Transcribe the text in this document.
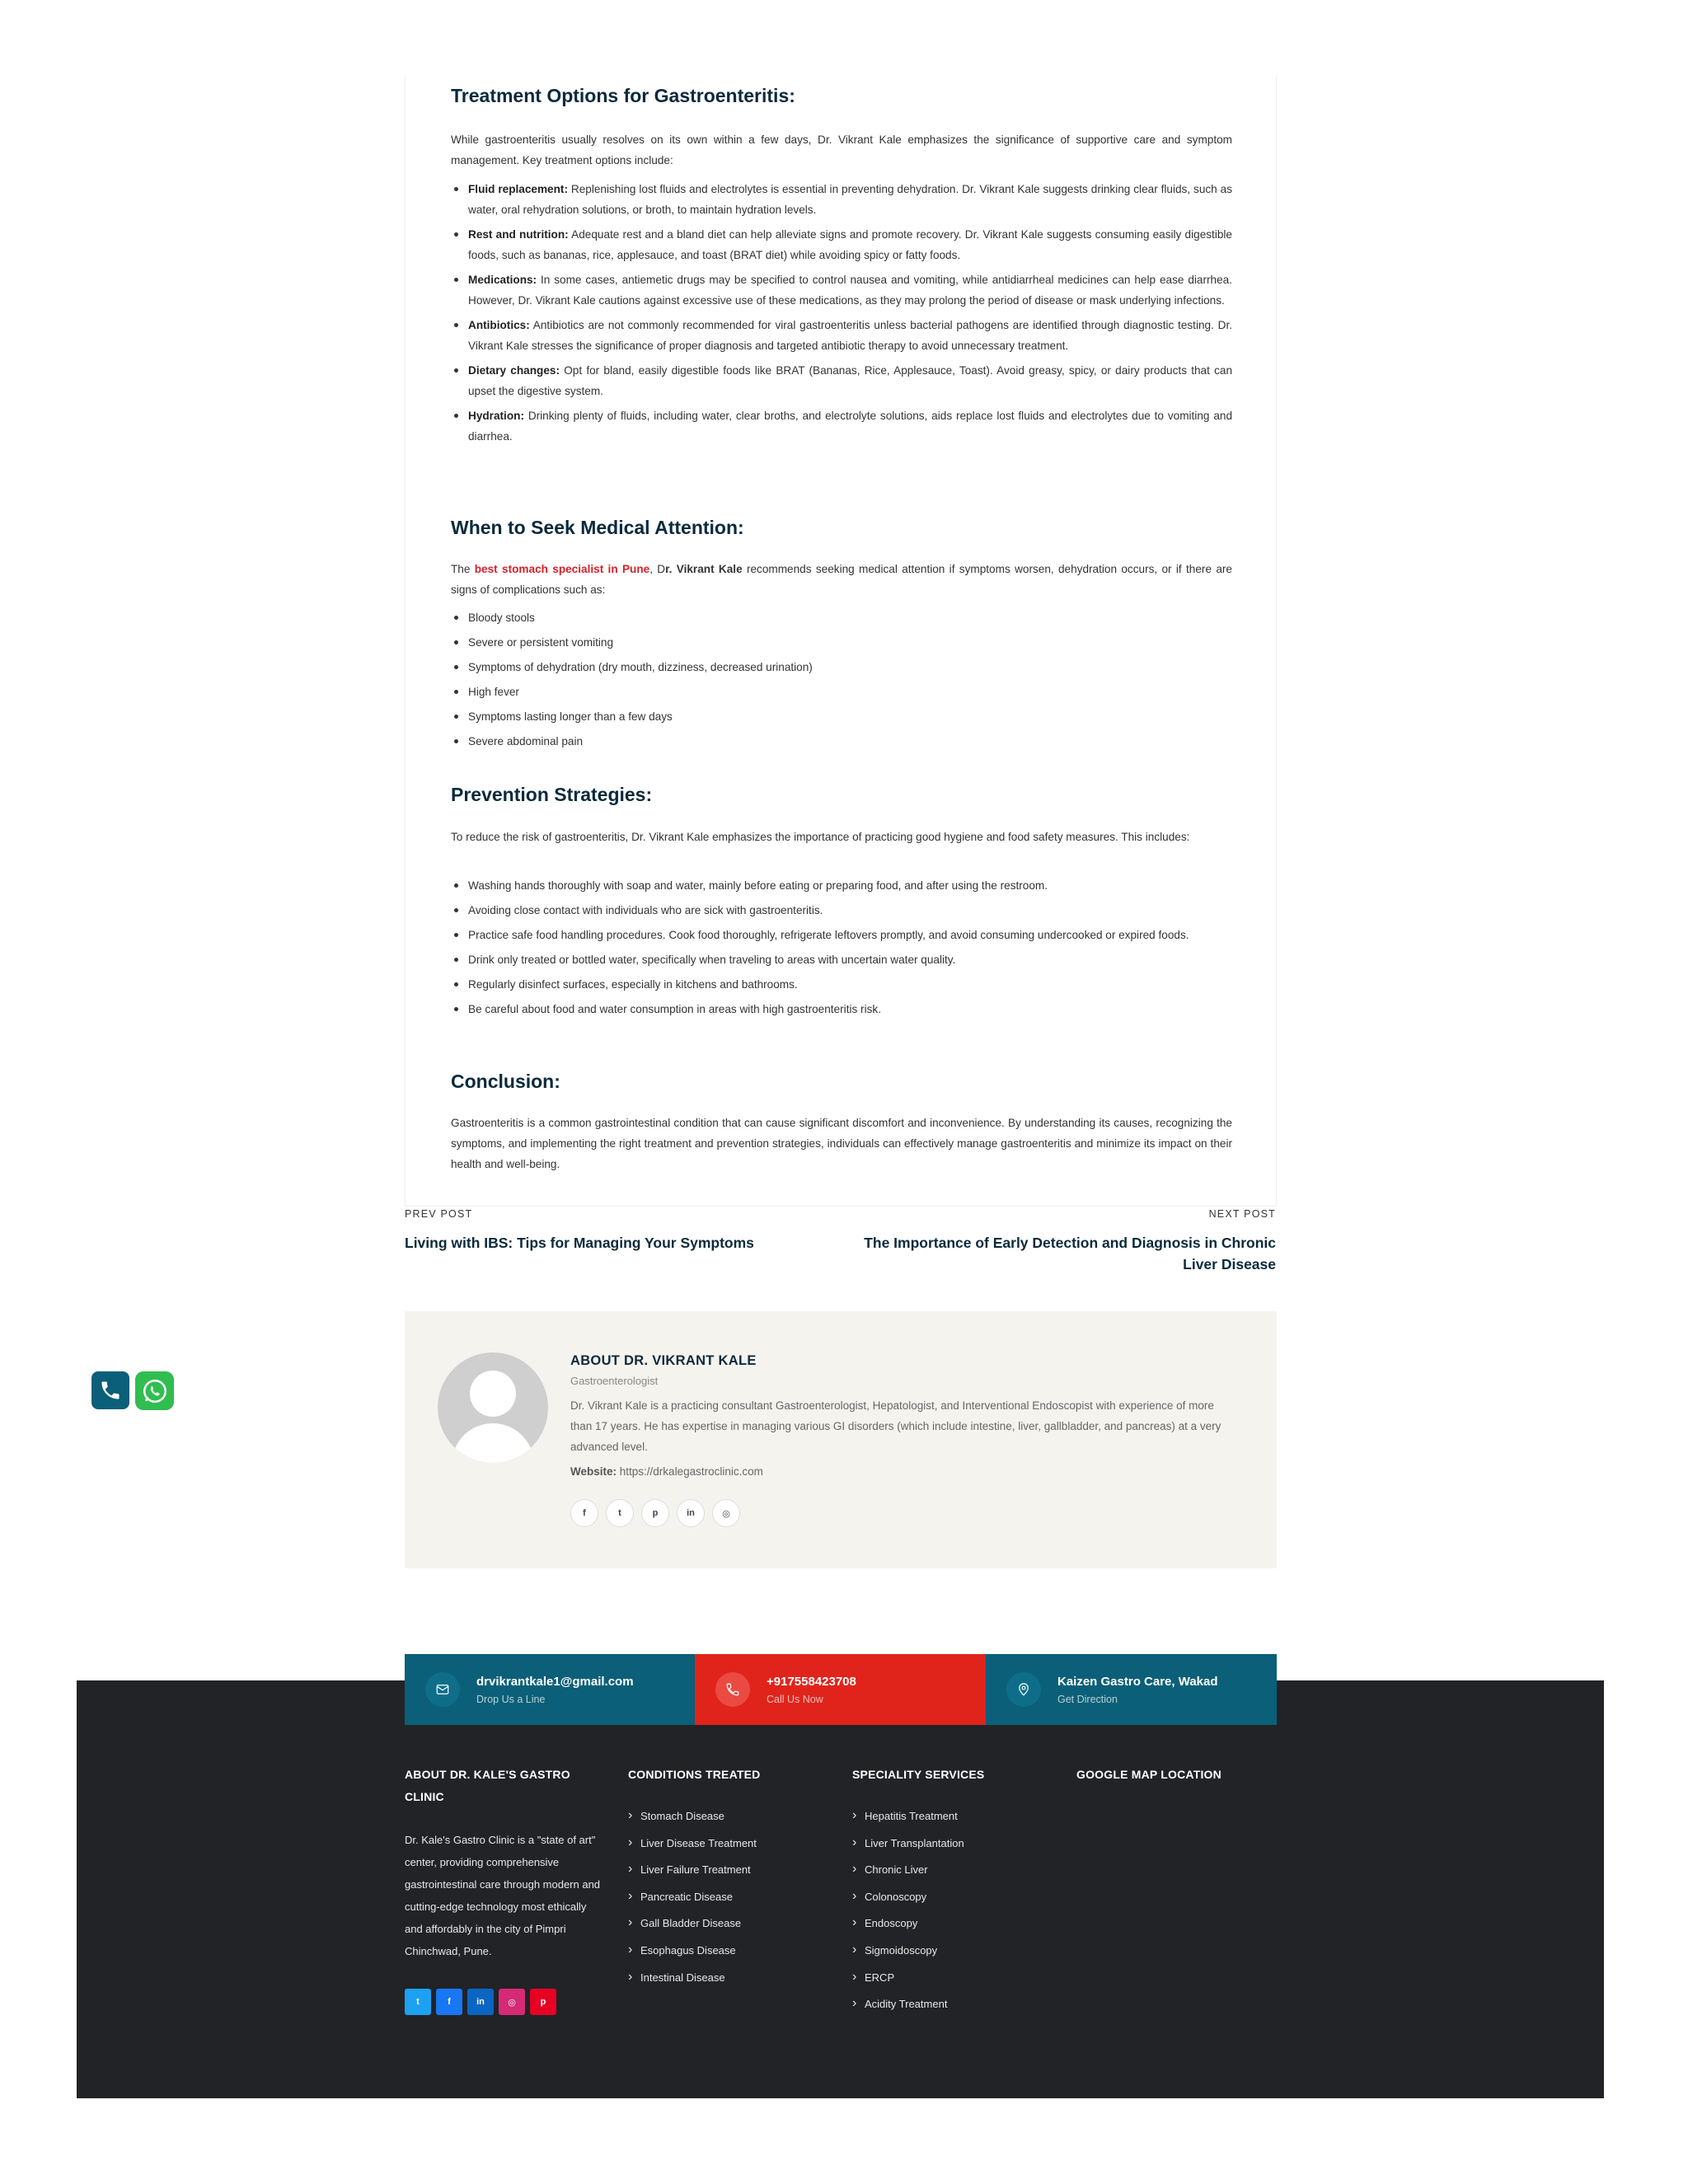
Treatment Options for Gastroenteritis:

While gastroenteritis usually resolves on its own within a few days, Dr. Vikrant Kale emphasizes the significance of supportive care and symptom management. Key treatment options include:

Fluid replacement: Replenishing lost fluids and electrolytes is essential in preventing dehydration. Dr. Vikrant Kale suggests drinking clear fluids, such as water, oral rehydration solutions, or broth, to maintain hydration levels.
Rest and nutrition: Adequate rest and a bland diet can help alleviate signs and promote recovery. Dr. Vikrant Kale suggests consuming easily digestible foods, such as bananas, rice, applesauce, and toast (BRAT diet) while avoiding spicy or fatty foods.
Medications: In some cases, antiemetic drugs may be specified to control nausea and vomiting, while antidiarrheal medicines can help ease diarrhea. However, Dr. Vikrant Kale cautions against excessive use of these medications, as they may prolong the period of disease or mask underlying infections.
Antibiotics: Antibiotics are not commonly recommended for viral gastroenteritis unless bacterial pathogens are identified through diagnostic testing. Dr. Vikrant Kale stresses the significance of proper diagnosis and targeted antibiotic therapy to avoid unnecessary treatment.
Dietary changes: Opt for bland, easily digestible foods like BRAT (Bananas, Rice, Applesauce, Toast). Avoid greasy, spicy, or dairy products that can upset the digestive system.
Hydration: Drinking plenty of fluids, including water, clear broths, and electrolyte solutions, aids replace lost fluids and electrolytes due to vomiting and diarrhea.
When to Seek Medical Attention:

The best stomach specialist in Pune, Dr. Vikrant Kale recommends seeking medical attention if symptoms worsen, dehydration occurs, or if there are signs of complications such as:

Bloody stools
Severe or persistent vomiting
Symptoms of dehydration (dry mouth, dizziness, decreased urination)
High fever
Symptoms lasting longer than a few days
Severe abdominal pain
Prevention Strategies:

To reduce the risk of gastroenteritis, Dr. Vikrant Kale emphasizes the importance of practicing good hygiene and food safety measures. This includes:

Washing hands thoroughly with soap and water, mainly before eating or preparing food, and after using the restroom.
Avoiding close contact with individuals who are sick with gastroenteritis.
Practice safe food handling procedures. Cook food thoroughly, refrigerate leftovers promptly, and avoid consuming undercooked or expired foods.
Drink only treated or bottled water, specifically when traveling to areas with uncertain water quality.
Regularly disinfect surfaces, especially in kitchens and bathrooms.
Be careful about food and water consumption in areas with high gastroenteritis risk.
Conclusion:

Gastroenteritis is a common gastrointestinal condition that can cause significant discomfort and inconvenience. By understanding its causes, recognizing the symptoms, and implementing the right treatment and prevention strategies, individuals can effectively manage gastroenteritis and minimize its impact on their health and well-being.

PREV POST	NEXT POST
Living with IBS: Tips for Managing Your Symptoms	The Importance of Early Detection and Diagnosis in Chronic Liver Disease
ABOUT DR. VIKRANT KALE
Gastroenterologist
Dr. Vikrant Kale is a practicing consultant Gastroenterologist, Hepatologist, and Interventional Endoscopist with experience of more than 17 years. He has expertise in managing various GI disorders (which include intestine, liver, gallbladder, and pancreas) at a very advanced level.
Website: https://drkalegastroclinic.com
f	t	p	in	◎
drvikrantkale1@gmail.com
Drop Us a Line
+917558423708
Call Us Now
Kaizen Gastro Care, Wakad
Get Direction
ABOUT DR. KALE'S GASTRO CLINIC
Dr. Kale's Gastro Clinic is a "state of art" center, providing comprehensive gastrointestinal care through modern and cutting-edge technology most ethically and affordably in the city of Pimpri Chinchwad, Pune.
t	f	in	◎	p
CONDITIONS TREATED
› Stomach Disease
› Liver Disease Treatment
› Liver Failure Treatment
› Pancreatic Disease
› Gall Bladder Disease
› Esophagus Disease
› Intestinal Disease
SPECIALITY SERVICES
› Hepatitis Treatment
› Liver Transplantation
› Chronic Liver
› Colonoscopy
› Endoscopy
› Sigmoidoscopy
› ERCP
› Acidity Treatment
GOOGLE MAP LOCATION
